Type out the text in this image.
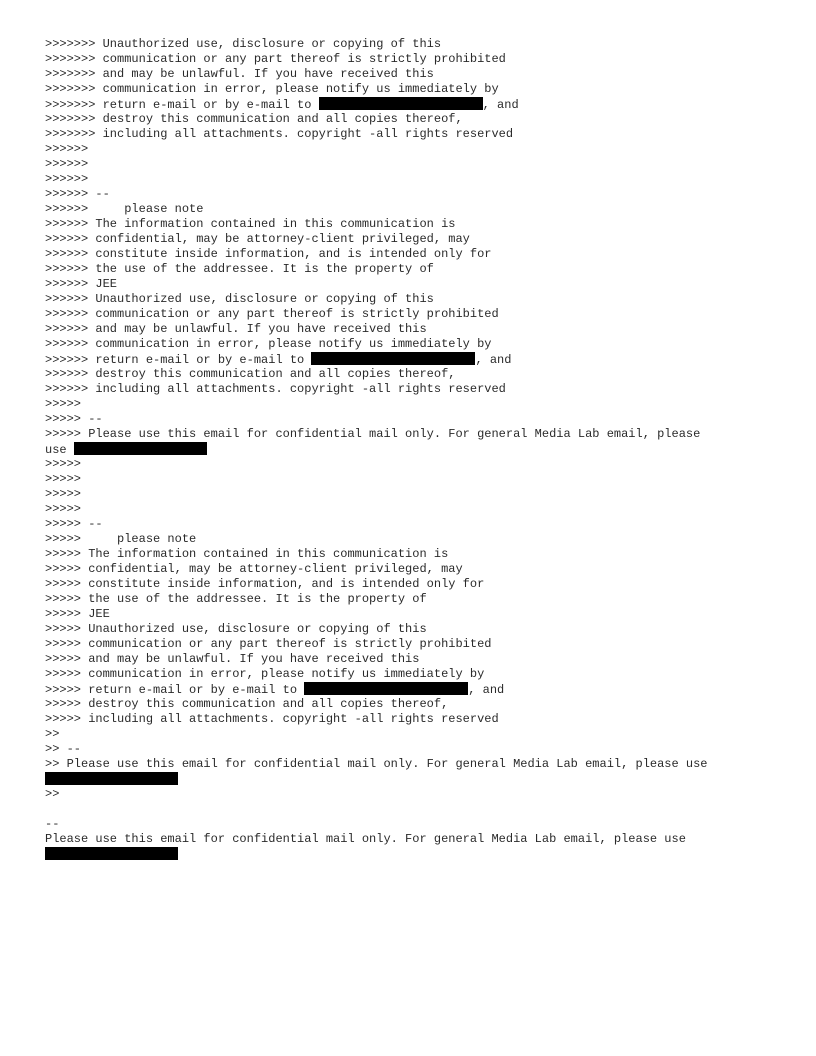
>>>>>>> Unauthorized use, disclosure or copying of this
>>>>>>> communication or any part thereof is strictly prohibited
>>>>>>> and may be unlawful. If you have received this
>>>>>>> communication in error, please notify us immediately by
>>>>>>> return e-mail or by e-mail to	, and
>>>>>>> destroy this communication and all copies thereof,
>>>>>>> including all attachments. copyright -all rights reserved
>>>>>>
>>>>>>
>>>>>>
>>>>>> --
>>>>>>     please note
>>>>>> The information contained in this communication is
>>>>>> confidential, may be attorney-client privileged, may
>>>>>> constitute inside information, and is intended only for
>>>>>> the use of the addressee. It is the property of
>>>>>> JEE
>>>>>> Unauthorized use, disclosure or copying of this
>>>>>> communication or any part thereof is strictly prohibited
>>>>>> and may be unlawful. If you have received this
>>>>>> communication in error, please notify us immediately by
>>>>>> return e-mail or by e-mail to	, and
>>>>>> destroy this communication and all copies thereof,
>>>>>> including all attachments. copyright -all rights reserved
>>>>>
>>>>> --
>>>>> Please use this email for confidential mail only. For general Media Lab email, please
use
>>>>>
>>>>>
>>>>>
>>>>>
>>>>> --
>>>>>     please note
>>>>> The information contained in this communication is
>>>>> confidential, may be attorney-client privileged, may
>>>>> constitute inside information, and is intended only for
>>>>> the use of the addressee. It is the property of
>>>>> JEE
>>>>> Unauthorized use, disclosure or copying of this
>>>>> communication or any part thereof is strictly prohibited
>>>>> and may be unlawful. If you have received this
>>>>> communication in error, please notify us immediately by
>>>>> return e-mail or by e-mail to	, and
>>>>> destroy this communication and all copies thereof,
>>>>> including all attachments. copyright -all rights reserved
>>
>> --
>> Please use this email for confidential mail only. For general Media Lab email, please use
>>
--
Please use this email for confidential mail only. For general Media Lab email, please use
